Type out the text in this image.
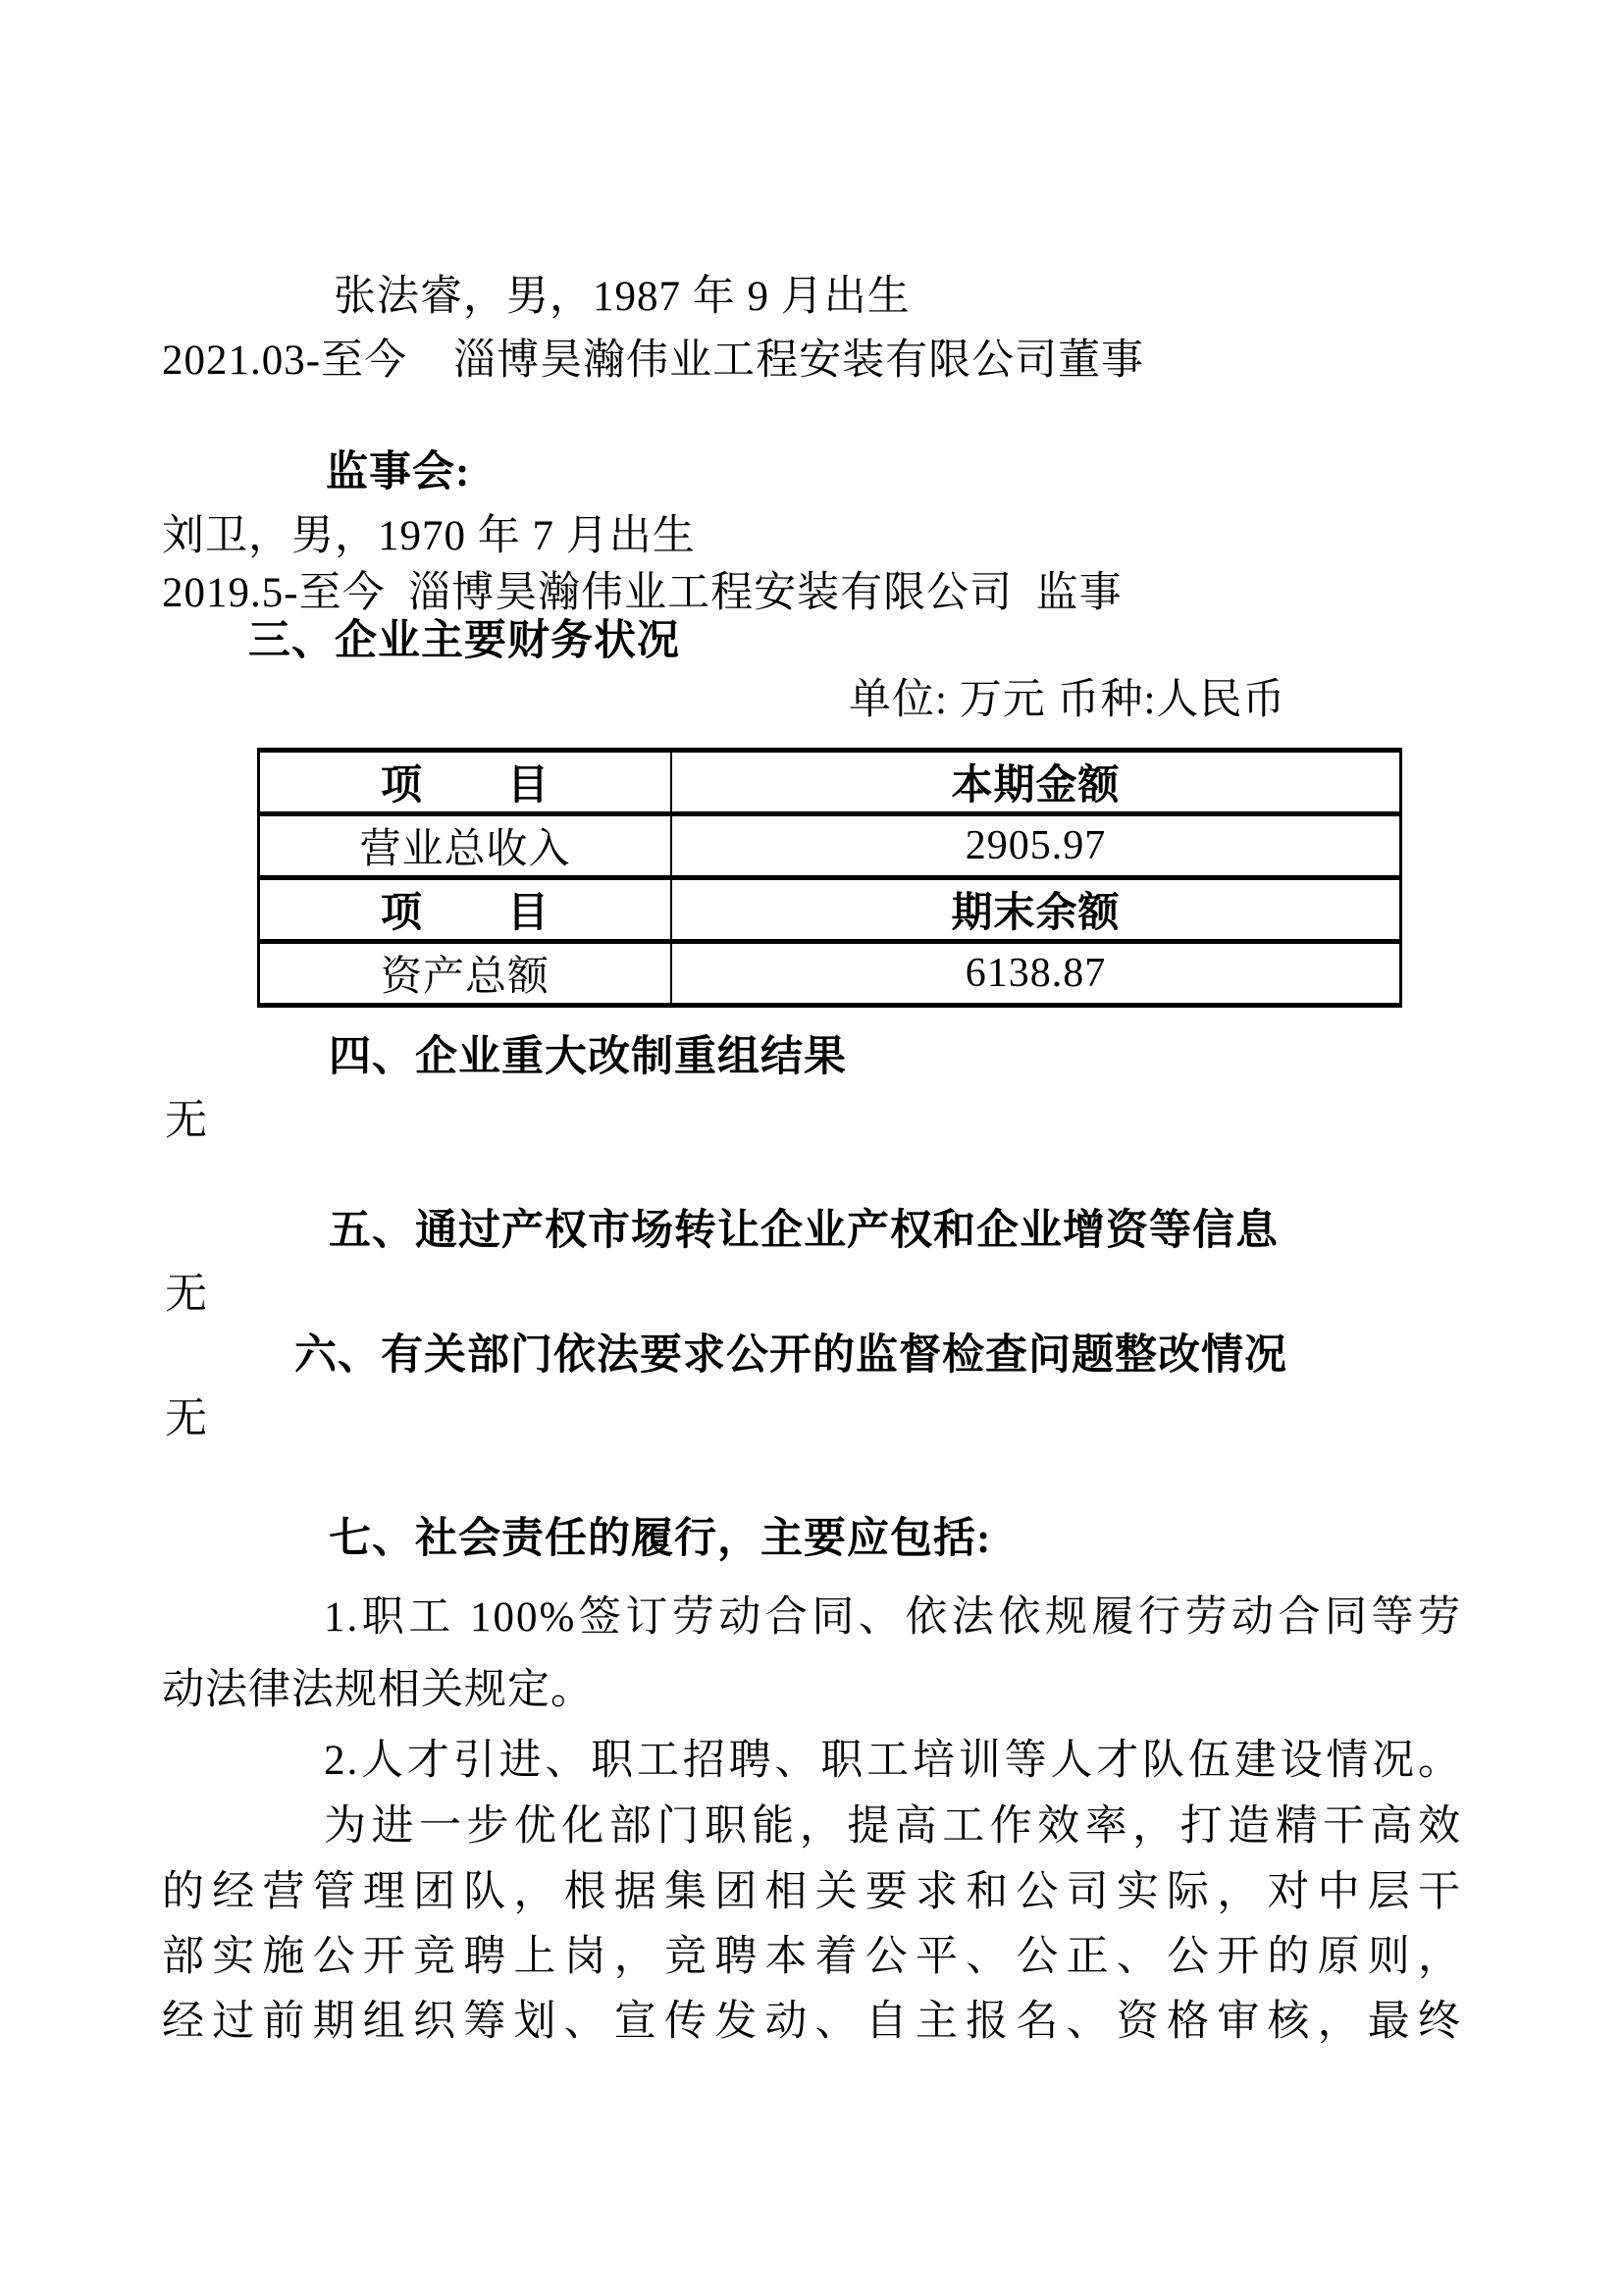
张法睿，男，1987 年 9 月出生
2021.03-至今    淄博昊瀚伟业工程安装有限公司董事
监事会:
刘卫，男，1970 年 7 月出生
2019.5-至今  淄博昊瀚伟业工程安装有限公司  监事
三、企业主要财务状况
单位: 万元 币种:人民币
项　　目	本期金额
营业总收入	2905.97
项　　目	期末余额
资产总额	6138.87
四、企业重大改制重组结果
无
五、通过产权市场转让企业产权和企业增资等信息
无
六、有关部门依法要求公开的监督检查问题整改情况
无
七、社会责任的履行，主要应包括:
1.职工 100%签订劳动合同、依法依规履行劳动合同等劳
动法律法规相关规定。
2.人才引进、职工招聘、职工培训等人才队伍建设情况。
为进一步优化部门职能，提高工作效率，打造精干高效
的经营管理团队，根据集团相关要求和公司实际，对中层干
部实施公开竞聘上岗，竞聘本着公平、公正、公开的原则，
经过前期组织筹划、宣传发动、自主报名、资格审核，最终
